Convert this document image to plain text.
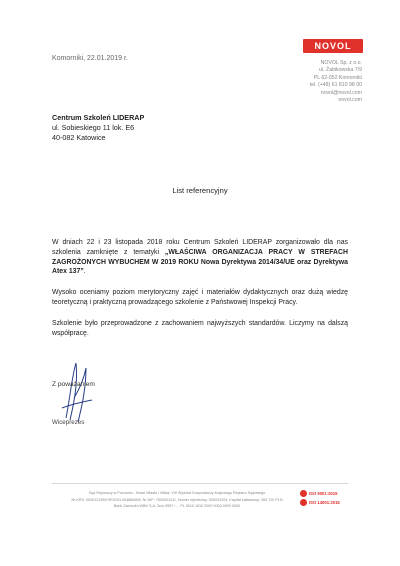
Komorniki, 22.01.2019 r.
NOVOL
NOVOL Sp. z o.o.
ul. Żabikowska 7/9
PL 62-052 Komorniki
tel. (+48) 61 810 98 00
novol@novol.com
novol.com
Centrum Szkoleń LIDERAP
ul. Sobieskiego 11 lok. E6
40-082 Katowice
List referencyjny
W dniach 22 i 23 listopada 2018 roku Centrum Szkoleń LIDERAP zorganizowało dla nas szkolenia zamknięte z tematyki „WŁAŚCIWA ORGANIZACJA PRACY W STREFACH ZAGROŻONYCH WYBUCHEM W 2019 ROKU Nowa Dyrektywa 2014/34/UE oraz Dyrektywa Atex 137”.
Wysoko oceniamy poziom merytoryczny zajęć i materiałów dydaktycznych oraz dużą wiedzę teoretyczną i praktyczną prowadzącego szkolenie z Państwowej Inspekcji Pracy.
Szkolenie było przeprowadzone z zachowaniem najwyższych standardów. Liczymy na dalszą współpracę.
Z poważaniem
Wiceprezes
Sąd Rejonowy w Poznaniu - Nowe Miasto i Wilda, VIII Wydział Gospodarczy Krajowego Rejestru Sądowego
Nr KRS: 0000121998 REGON 004866958, Nr NIP: 7830001311, Numer rejestrowy: 000024204, Kapitał zakładowy: 265 720 PLN
Bank Zachodni WBK S.A. 3s/o 0957 / ... PL 5010 1010 2000 0000 0000 0000
ISO 9001:2015
ISO 14001:2015
